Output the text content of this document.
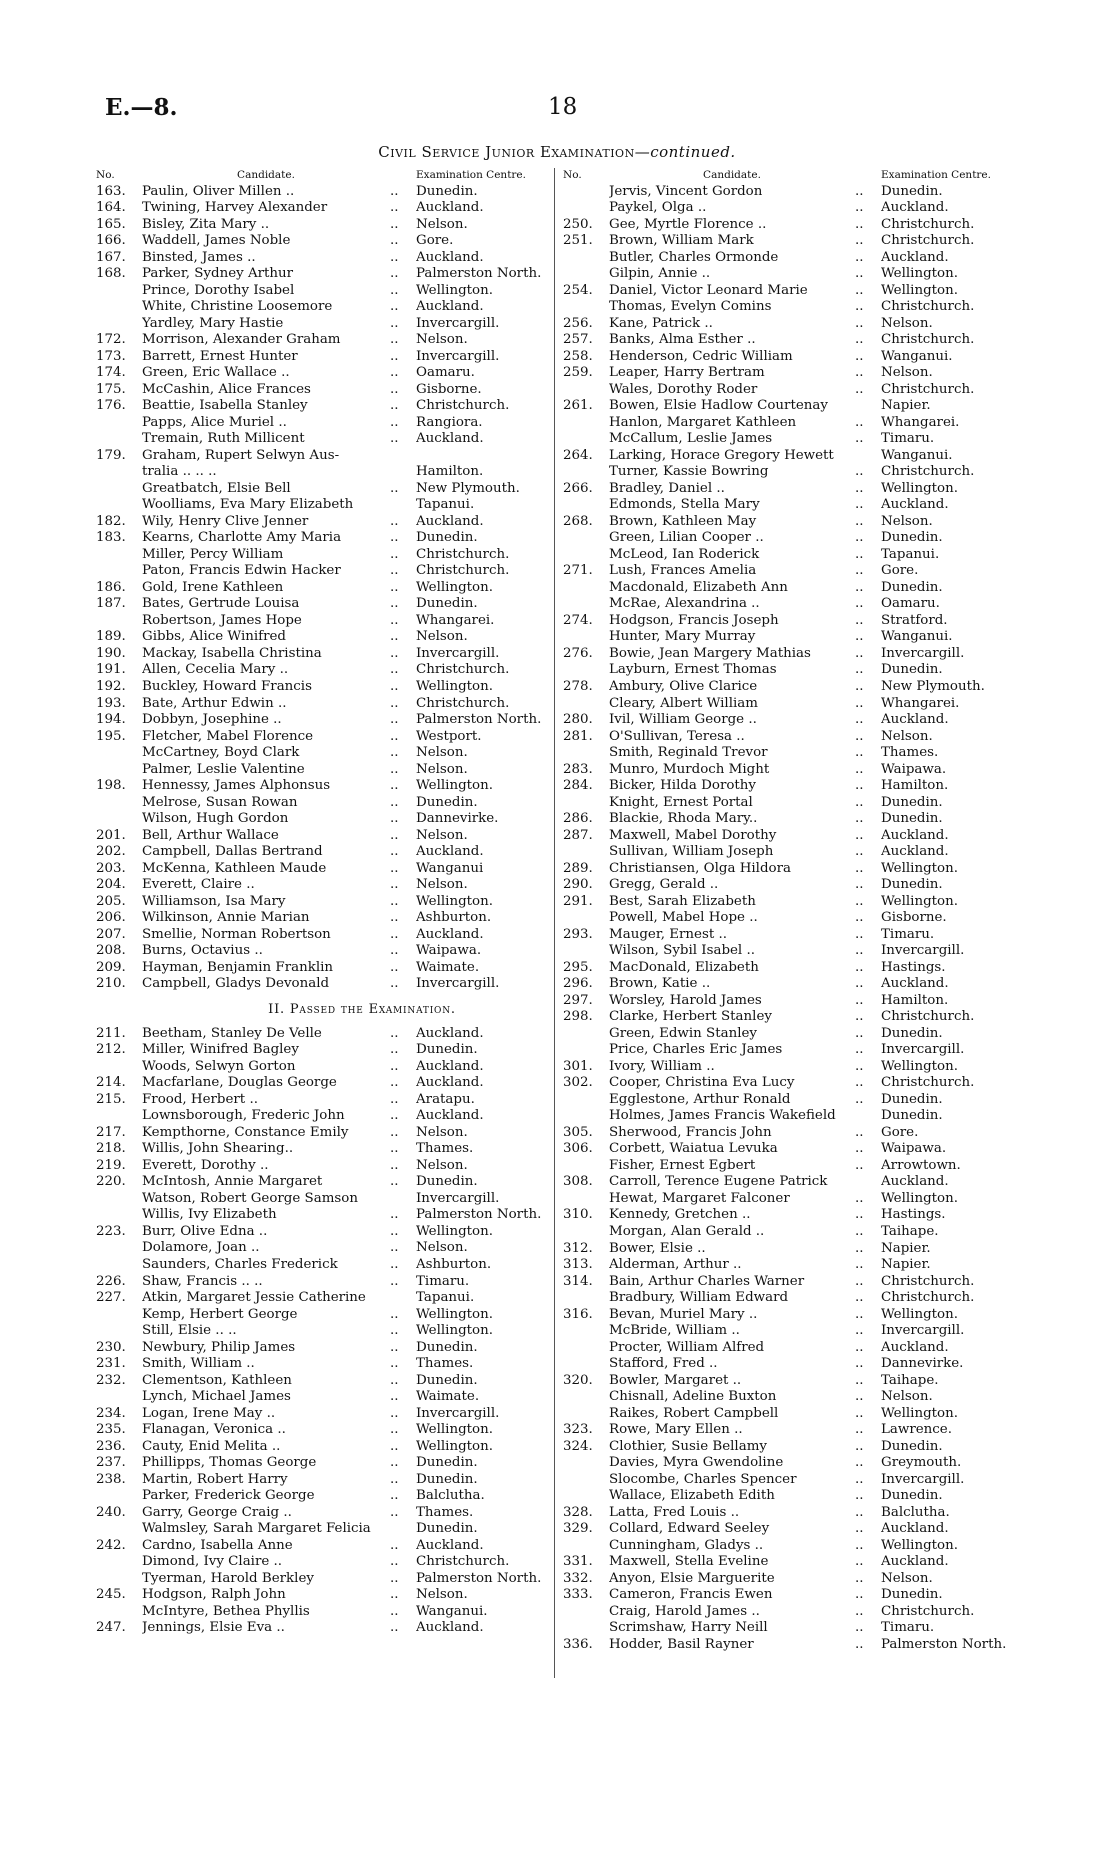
E.—8.	18
Civil Service Junior Examination—continued.
No.	Candidate.	Examination Centre.
163.	Paulin, Oliver Millen ..	..	Dunedin.
164.	Twining, Harvey Alexander	..	Auckland.
165.	Bisley, Zita Mary ..	..	Nelson.
166.	Waddell, James Noble	..	Gore.
167.	Binsted, James ..	..	Auckland.
168.	Parker, Sydney Arthur	..	Palmerston North.
Prince, Dorothy Isabel	..	Wellington.
White, Christine Loosemore	..	Auckland.
Yardley, Mary Hastie	..	Invercargill.
172.	Morrison, Alexander Graham	..	Nelson.
173.	Barrett, Ernest Hunter	..	Invercargill.
174.	Green, Eric Wallace ..	..	Oamaru.
175.	McCashin, Alice Frances	..	Gisborne.
176.	Beattie, Isabella Stanley	..	Christchurch.
Papps, Alice Muriel ..	..	Rangiora.
Tremain, Ruth Millicent	..	Auckland.
179.	Graham, Rupert Selwyn Aus-
tralia .. .. ..	Hamilton.
Greatbatch, Elsie Bell	..	New Plymouth.
Woolliams, Eva Mary Elizabeth	Tapanui.
182.	Wily, Henry Clive Jenner	..	Auckland.
183.	Kearns, Charlotte Amy Maria	..	Dunedin.
Miller, Percy William	..	Christchurch.
Paton, Francis Edwin Hacker	..	Christchurch.
186.	Gold, Irene Kathleen	..	Wellington.
187.	Bates, Gertrude Louisa	..	Dunedin.
Robertson, James Hope	..	Whangarei.
189.	Gibbs, Alice Winifred	..	Nelson.
190.	Mackay, Isabella Christina	..	Invercargill.
191.	Allen, Cecelia Mary ..	..	Christchurch.
192.	Buckley, Howard Francis	..	Wellington.
193.	Bate, Arthur Edwin ..	..	Christchurch.
194.	Dobbyn, Josephine ..	..	Palmerston North.
195.	Fletcher, Mabel Florence	..	Westport.
McCartney, Boyd Clark	..	Nelson.
Palmer, Leslie Valentine	..	Nelson.
198.	Hennessy, James Alphonsus	..	Wellington.
Melrose, Susan Rowan	..	Dunedin.
Wilson, Hugh Gordon	..	Dannevirke.
201.	Bell, Arthur Wallace	..	Nelson.
202.	Campbell, Dallas Bertrand	..	Auckland.
203.	McKenna, Kathleen Maude	..	Wanganui
204.	Everett, Claire ..	..	Nelson.
205.	Williamson, Isa Mary	..	Wellington.
206.	Wilkinson, Annie Marian	..	Ashburton.
207.	Smellie, Norman Robertson	..	Auckland.
208.	Burns, Octavius ..	..	Waipawa.
209.	Hayman, Benjamin Franklin	..	Waimate.
210.	Campbell, Gladys Devonald	..	Invercargill.
II. Passed the Examination.
211.	Beetham, Stanley De Velle	..	Auckland.
212.	Miller, Winifred Bagley	..	Dunedin.
Woods, Selwyn Gorton	..	Auckland.
214.	Macfarlane, Douglas George	..	Auckland.
215.	Frood, Herbert ..	..	Aratapu.
Lownsborough, Frederic John	..	Auckland.
217.	Kempthorne, Constance Emily	..	Nelson.
218.	Willis, John Shearing..	..	Thames.
219.	Everett, Dorothy ..	..	Nelson.
220.	McIntosh, Annie Margaret	..	Dunedin.
Watson, Robert George Samson	Invercargill.
Willis, Ivy Elizabeth	..	Palmerston North.
223.	Burr, Olive Edna ..	..	Wellington.
Dolamore, Joan ..	..	Nelson.
Saunders, Charles Frederick	..	Ashburton.
226.	Shaw, Francis .. ..	..	Timaru.
227.	Atkin, Margaret Jessie Catherine	Tapanui.
Kemp, Herbert George	..	Wellington.
Still, Elsie .. ..	..	Wellington.
230.	Newbury, Philip James	..	Dunedin.
231.	Smith, William ..	..	Thames.
232.	Clementson, Kathleen	..	Dunedin.
Lynch, Michael James	..	Waimate.
234.	Logan, Irene May ..	..	Invercargill.
235.	Flanagan, Veronica ..	..	Wellington.
236.	Cauty, Enid Melita ..	..	Wellington.
237.	Phillipps, Thomas George	..	Dunedin.
238.	Martin, Robert Harry	..	Dunedin.
Parker, Frederick George	..	Balclutha.
240.	Garry, George Craig ..	..	Thames.
Walmsley, Sarah Margaret Felicia	Dunedin.
242.	Cardno, Isabella Anne	..	Auckland.
Dimond, Ivy Claire ..	..	Christchurch.
Tyerman, Harold Berkley	..	Palmerston North.
245.	Hodgson, Ralph John	..	Nelson.
McIntyre, Bethea Phyllis	..	Wanganui.
247.	Jennings, Elsie Eva ..	..	Auckland.
No.	Candidate.	Examination Centre.
Jervis, Vincent Gordon	..	Dunedin.
Paykel, Olga ..	..	Auckland.
250.	Gee, Myrtle Florence ..	..	Christchurch.
251.	Brown, William Mark	..	Christchurch.
Butler, Charles Ormonde	..	Auckland.
Gilpin, Annie ..	..	Wellington.
254.	Daniel, Victor Leonard Marie	..	Wellington.
Thomas, Evelyn Comins	..	Christchurch.
256.	Kane, Patrick ..	..	Nelson.
257.	Banks, Alma Esther ..	..	Christchurch.
258.	Henderson, Cedric William	..	Wanganui.
259.	Leaper, Harry Bertram	..	Nelson.
Wales, Dorothy Roder	..	Christchurch.
261.	Bowen, Elsie Hadlow Courtenay	Napier.
Hanlon, Margaret Kathleen	..	Whangarei.
McCallum, Leslie James	..	Timaru.
264.	Larking, Horace Gregory Hewett	Wanganui.
Turner, Kassie Bowring	..	Christchurch.
266.	Bradley, Daniel ..	..	Wellington.
Edmonds, Stella Mary	..	Auckland.
268.	Brown, Kathleen May	..	Nelson.
Green, Lilian Cooper ..	..	Dunedin.
McLeod, Ian Roderick	..	Tapanui.
271.	Lush, Frances Amelia	..	Gore.
Macdonald, Elizabeth Ann	..	Dunedin.
McRae, Alexandrina ..	..	Oamaru.
274.	Hodgson, Francis Joseph	..	Stratford.
Hunter, Mary Murray	..	Wanganui.
276.	Bowie, Jean Margery Mathias	..	Invercargill.
Layburn, Ernest Thomas	..	Dunedin.
278.	Ambury, Olive Clarice	..	New Plymouth.
Cleary, Albert William	..	Whangarei.
280.	Ivil, William George ..	..	Auckland.
281.	O'Sullivan, Teresa ..	..	Nelson.
Smith, Reginald Trevor	..	Thames.
283.	Munro, Murdoch Might	..	Waipawa.
284.	Bicker, Hilda Dorothy	..	Hamilton.
Knight, Ernest Portal	..	Dunedin.
286.	Blackie, Rhoda Mary..	..	Dunedin.
287.	Maxwell, Mabel Dorothy	..	Auckland.
Sullivan, William Joseph	..	Auckland.
289.	Christiansen, Olga Hildora	..	Wellington.
290.	Gregg, Gerald ..	..	Dunedin.
291.	Best, Sarah Elizabeth	..	Wellington.
Powell, Mabel Hope ..	..	Gisborne.
293.	Mauger, Ernest ..	..	Timaru.
Wilson, Sybil Isabel ..	..	Invercargill.
295.	MacDonald, Elizabeth	..	Hastings.
296.	Brown, Katie ..	..	Auckland.
297.	Worsley, Harold James	..	Hamilton.
298.	Clarke, Herbert Stanley	..	Christchurch.
Green, Edwin Stanley	..	Dunedin.
Price, Charles Eric James	..	Invercargill.
301.	Ivory, William ..	..	Wellington.
302.	Cooper, Christina Eva Lucy	..	Christchurch.
Egglestone, Arthur Ronald	..	Dunedin.
Holmes, James Francis Wakefield	Dunedin.
305.	Sherwood, Francis John	..	Gore.
306.	Corbett, Waiatua Levuka	..	Waipawa.
Fisher, Ernest Egbert	..	Arrowtown.
308.	Carroll, Terence Eugene Patrick	Auckland.
Hewat, Margaret Falconer	..	Wellington.
310.	Kennedy, Gretchen ..	..	Hastings.
Morgan, Alan Gerald ..	..	Taihape.
312.	Bower, Elsie ..	..	Napier.
313.	Alderman, Arthur ..	..	Napier.
314.	Bain, Arthur Charles Warner	..	Christchurch.
Bradbury, William Edward	..	Christchurch.
316.	Bevan, Muriel Mary ..	..	Wellington.
McBride, William ..	..	Invercargill.
Procter, William Alfred	..	Auckland.
Stafford, Fred ..	..	Dannevirke.
320.	Bowler, Margaret ..	..	Taihape.
Chisnall, Adeline Buxton	..	Nelson.
Raikes, Robert Campbell	..	Wellington.
323.	Rowe, Mary Ellen ..	..	Lawrence.
324.	Clothier, Susie Bellamy	..	Dunedin.
Davies, Myra Gwendoline	..	Greymouth.
Slocombe, Charles Spencer	..	Invercargill.
Wallace, Elizabeth Edith	..	Dunedin.
328.	Latta, Fred Louis ..	..	Balclutha.
329.	Collard, Edward Seeley	..	Auckland.
Cunningham, Gladys ..	..	Wellington.
331.	Maxwell, Stella Eveline	..	Auckland.
332.	Anyon, Elsie Marguerite	..	Nelson.
333.	Cameron, Francis Ewen	..	Dunedin.
Craig, Harold James ..	..	Christchurch.
Scrimshaw, Harry Neill	..	Timaru.
336.	Hodder, Basil Rayner	..	Palmerston North.
